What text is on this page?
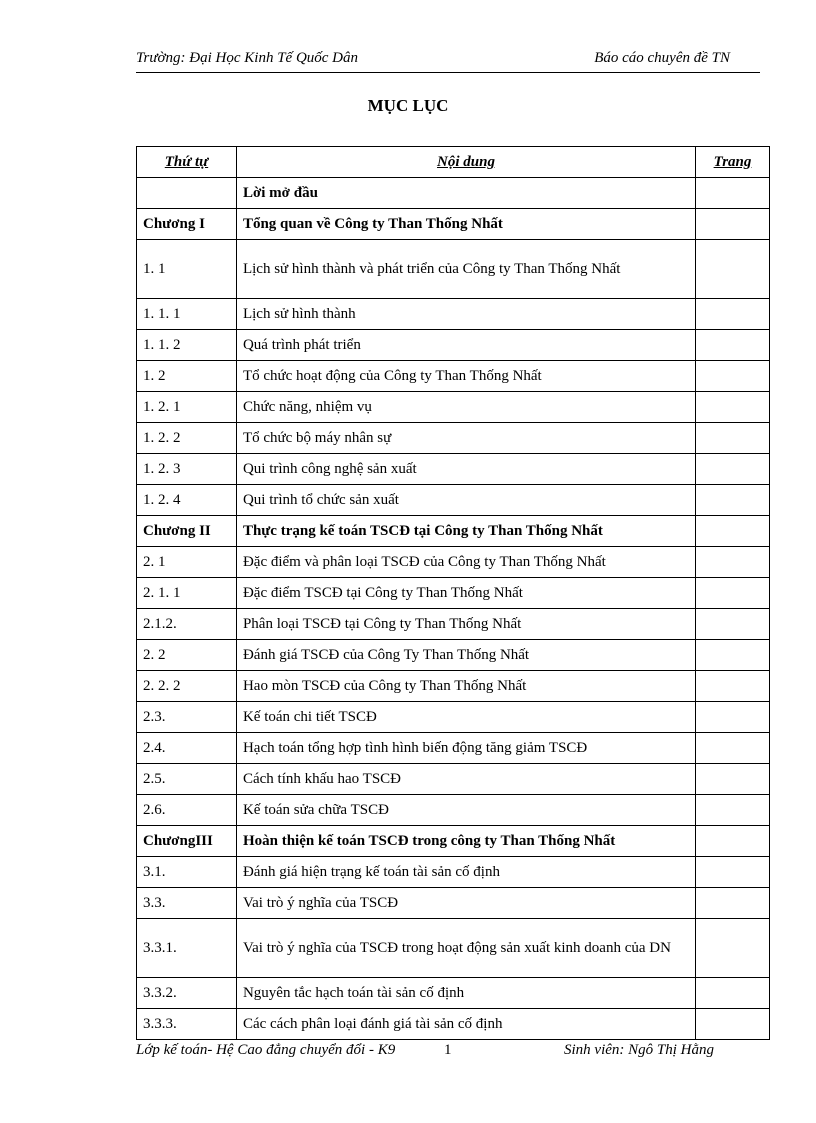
Trường: Đại Học Kinh Tế Quốc Dân	Báo cáo chuyên đề TN
MỤC LỤC
Thứ tự	Nội dung	Trang
	Lời mở đầu	
Chương I	Tổng quan về Công ty Than Thống Nhất	
1. 1	Lịch sử hình thành và phát triển của Công ty Than Thống Nhất	
1. 1. 1	Lịch sử hình thành	
1. 1. 2	Quá trình phát triển	
1. 2	Tổ chức hoạt động của Công ty Than Thống Nhất	
1. 2. 1	Chức năng, nhiệm vụ	
1. 2. 2	Tổ chức bộ máy nhân sự	
1. 2. 3	Qui trình công nghệ sản xuất	
1. 2. 4	Qui trình tổ chức sản xuất	
Chương II	Thực trạng kế toán TSCĐ tại Công ty Than Thống Nhất	
2. 1	Đặc điểm và phân loại TSCĐ của Công ty Than Thống Nhất	
2. 1. 1	Đặc điểm TSCĐ tại Công ty Than Thống Nhất	
2.1.2.	Phân loại TSCĐ tại Công ty Than Thống Nhất	
2. 2	Đánh giá TSCĐ của Công Ty Than Thống Nhất	
2. 2. 2	Hao mòn TSCĐ của Công ty Than Thống Nhất	
2.3.	Kế toán chi tiết TSCĐ	
2.4.	Hạch toán tổng hợp tình hình biến động tăng giảm TSCĐ	
2.5.	Cách tính khấu hao TSCĐ	
2.6.	Kế toán sửa chữa TSCĐ	
ChươngIII	Hoàn thiện kế toán TSCĐ trong công ty Than Thống Nhất	
3.1.	Đánh giá hiện trạng kế toán tài sản cố định	
3.3.	Vai trò ý nghĩa của TSCĐ	
3.3.1.	Vai trò ý nghĩa của TSCĐ trong hoạt động sản xuất kinh doanh của DN	
3.3.2.	Nguyên tắc hạch toán tài sản cố định	
3.3.3.	Các cách phân loại đánh giá tài sản cố định	
Lớp kế toán- Hệ Cao đẳng chuyển đổi - K9	1	Sinh viên: Ngô Thị Hằng
